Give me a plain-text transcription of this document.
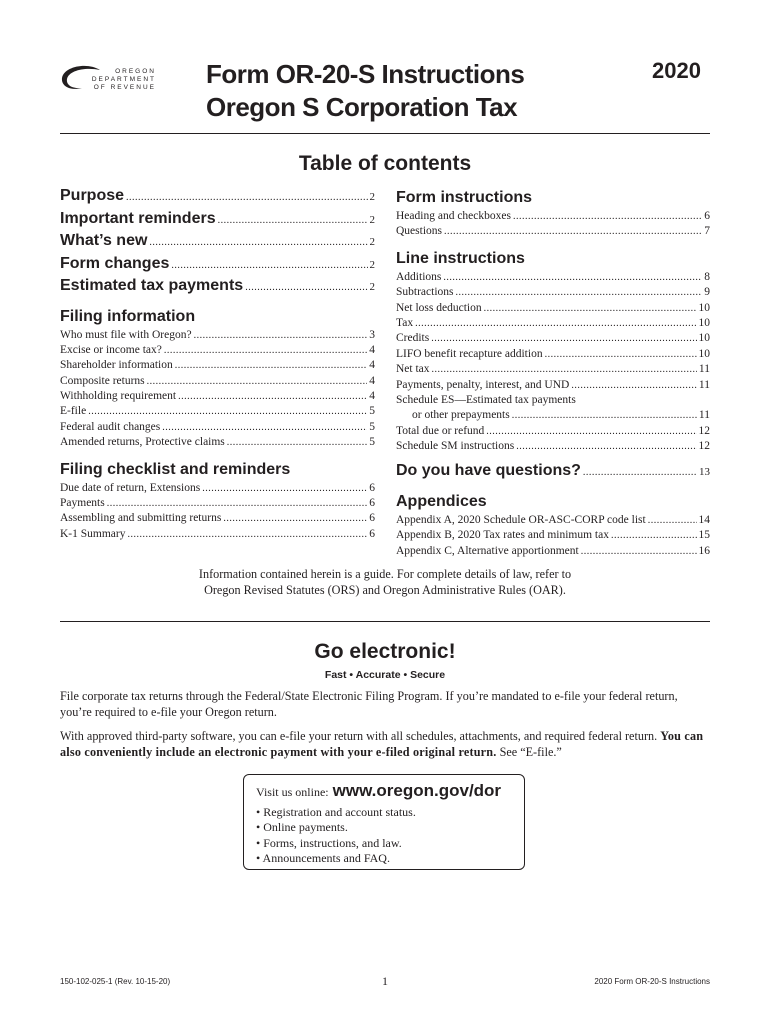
OREGON
DEPARTMENT
OF REVENUE Form OR-20-S Instructions
Oregon S Corporation Tax
2020
Table of contents
Purpose .....	2
Important reminders .....	2
What’s new .....	2
Form changes .....	2
Estimated tax payments .....	2
Filing information
Who must file with Oregon? .....	3
Excise or income tax? .....	4
Shareholder information .....	4
Composite returns .....	4
Withholding requirement .....	4
E-file .....	5
Federal audit changes .....	5
Amended returns, Protective claims .....	5
Filing checklist and reminders
Due date of return, Extensions .....	6
Payments .....	6
Assembling and submitting returns .....	6
K-1 Summary .....	6
Form instructions
Heading and checkboxes .....	6
Questions .....	7
Line instructions
Additions .....	8
Subtractions .....	9
Net loss deduction .....	10
Tax .....	10
Credits .....	10
LIFO benefit recapture addition .....	10
Net tax .....	11
Payments, penalty, interest, and UND .....	11
Schedule ES—Estimated tax payments
or other prepayments .....	11
Total due or refund .....	12
Schedule SM instructions .....	12
Do you have questions? .....	13
Appendices
Appendix A, 2020 Schedule OR-ASC-CORP code list .....	14
Appendix B, 2020 Tax rates and minimum tax .....	15
Appendix C, Alternative apportionment .....	16
Information contained herein is a guide. For complete details of law, refer to
Oregon Revised Statutes (ORS) and Oregon Administrative Rules (OAR).
Go electronic!
Fast • Accurate • Secure
File corporate tax returns through the Federal/State Electronic Filing Program. If you’re mandated to e-file your federal return, you’re required to e-file your Oregon return.
With approved third-party software, you can e-file your return with all schedules, attachments, and required federal return. You can also conveniently include an electronic payment with your e-filed original return. See “E-file.”
Visit us online: www.oregon.gov/dor
• Registration and account status.
• Online payments.
• Forms, instructions, and law.
• Announcements and FAQ.
150-102-025-1 (Rev. 10-15-20)	1	2020 Form OR-20-S Instructions
